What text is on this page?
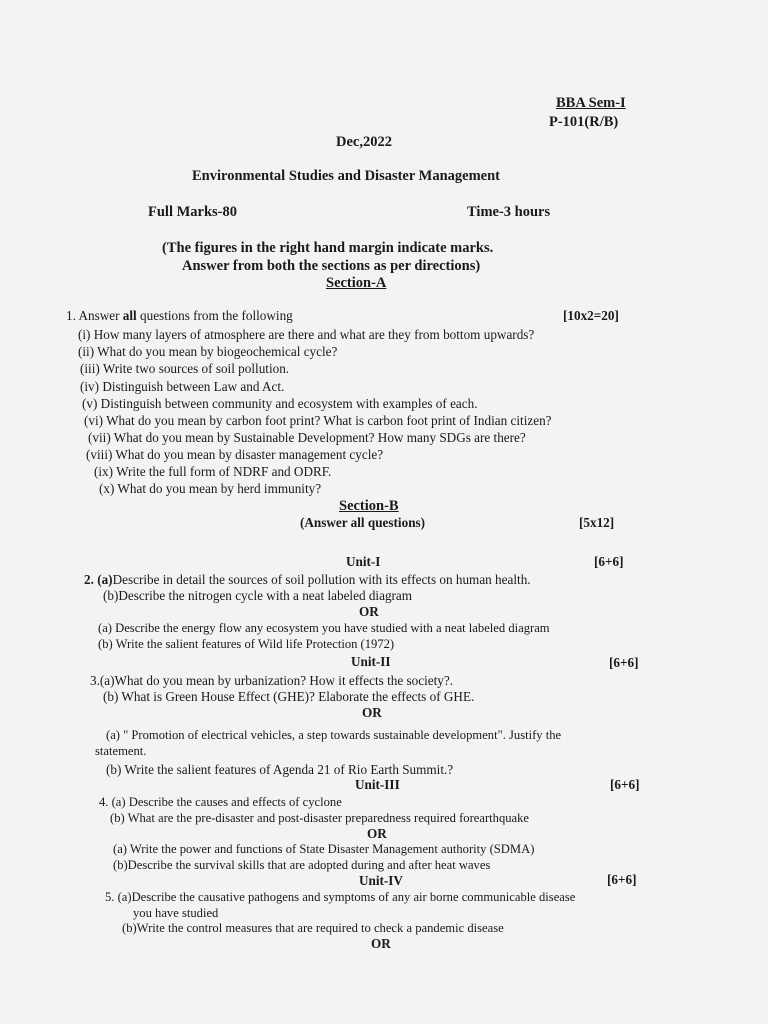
BBA Sem-I
P-101(R/B)
Dec,2022
Environmental Studies and Disaster Management
Full Marks-80	Time-3 hours
(The figures in the right hand margin indicate marks.
Answer from both the sections as per directions)
Section-A
1. Answer all questions from the following	[10x2=20]
(i) How many layers of atmosphere are there and what are they from bottom upwards?
(ii) What do you mean by biogeochemical cycle?
(iii) Write two sources of soil pollution.
(iv) Distinguish between Law and Act.
(v) Distinguish between community and ecosystem with examples of each.
(vi) What do you mean by carbon foot print? What is carbon foot print of Indian citizen?
(vii) What do you mean by Sustainable Development? How many SDGs are there?
(viii) What do you mean by disaster management cycle?
(ix) Write the full form of NDRF and ODRF.
(x) What do you mean by herd immunity?
Section-B
(Answer all questions)	[5x12]
Unit-I	[6+6]
2. (a)Describe in detail the sources of soil pollution with its effects on human health.
(b)Describe the nitrogen cycle with a neat labeled diagram
OR
(a) Describe the energy flow any ecosystem you have studied with a neat labeled diagram
(b) Write the salient features of Wild life Protection (1972)
Unit-II	[6+6]
3.(a)What do you mean by urbanization? How it effects the society?.
(b) What is Green House Effect (GHE)? Elaborate the effects of GHE.
OR
(a) " Promotion of electrical vehicles, a step towards sustainable development". Justify the
statement.
(b) Write the salient features of Agenda 21 of Rio Earth Summit.?
Unit-III	[6+6]
4. (a) Describe the causes and effects of cyclone
(b) What are the pre-disaster and post-disaster preparedness required forearthquake
OR
(a) Write the power and functions of State Disaster Management authority (SDMA)
(b)Describe the survival skills that are adopted during and after heat waves
Unit-IV	[6+6]
5. (a)Describe the causative pathogens and symptoms of any air borne communicable disease
you have studied
(b)Write the control measures that are required to check a pandemic disease
OR
